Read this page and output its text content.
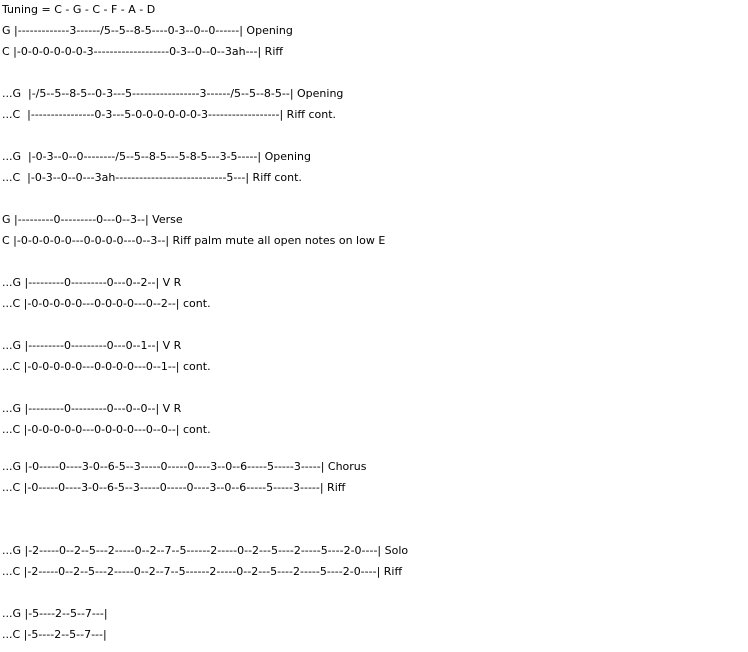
Tuning = C - G - C - F - A - D
G |-------------3------/5--5--8-5----0-3--0--0------| Opening
C |-0-0-0-0-0-0-3-------------------0-3--0--0--3ah---| Riff
...G  |-/5--5--8-5--0-3---5-----------------3------/5--5--8-5--| Opening
...C  |----------------0-3---5-0-0-0-0-0-0-3------------------| Riff cont.
...G  |-0-3--0--0--------/5--5--8-5---5-8-5---3-5-----| Opening
...C  |-0-3--0--0---3ah----------------------------5---| Riff cont.
G |---------0---------0---0--3--| Verse
C |-0-0-0-0-0---0-0-0-0---0--3--| Riff palm mute all open notes on low E
...G |---------0---------0---0--2--| V R
...C |-0-0-0-0-0---0-0-0-0---0--2--| cont.
...G |---------0---------0---0--1--| V R
...C |-0-0-0-0-0---0-0-0-0---0--1--| cont.
...G |---------0---------0---0--0--| V R
...C |-0-0-0-0-0---0-0-0-0---0--0--| cont.
...G |-0-----0----3-0--6-5--3-----0-----0----3--0--6-----5-----3-----| Chorus
...C |-0-----0----3-0--6-5--3-----0-----0----3--0--6-----5-----3-----| Riff
...G |-2-----0--2--5---2-----0--2--7--5------2-----0--2---5----2-----5----2-0----| Solo
...C |-2-----0--2--5---2-----0--2--7--5------2-----0--2---5----2-----5----2-0----| Riff
...G |-5----2--5--7---|
...C |-5----2--5--7---|
